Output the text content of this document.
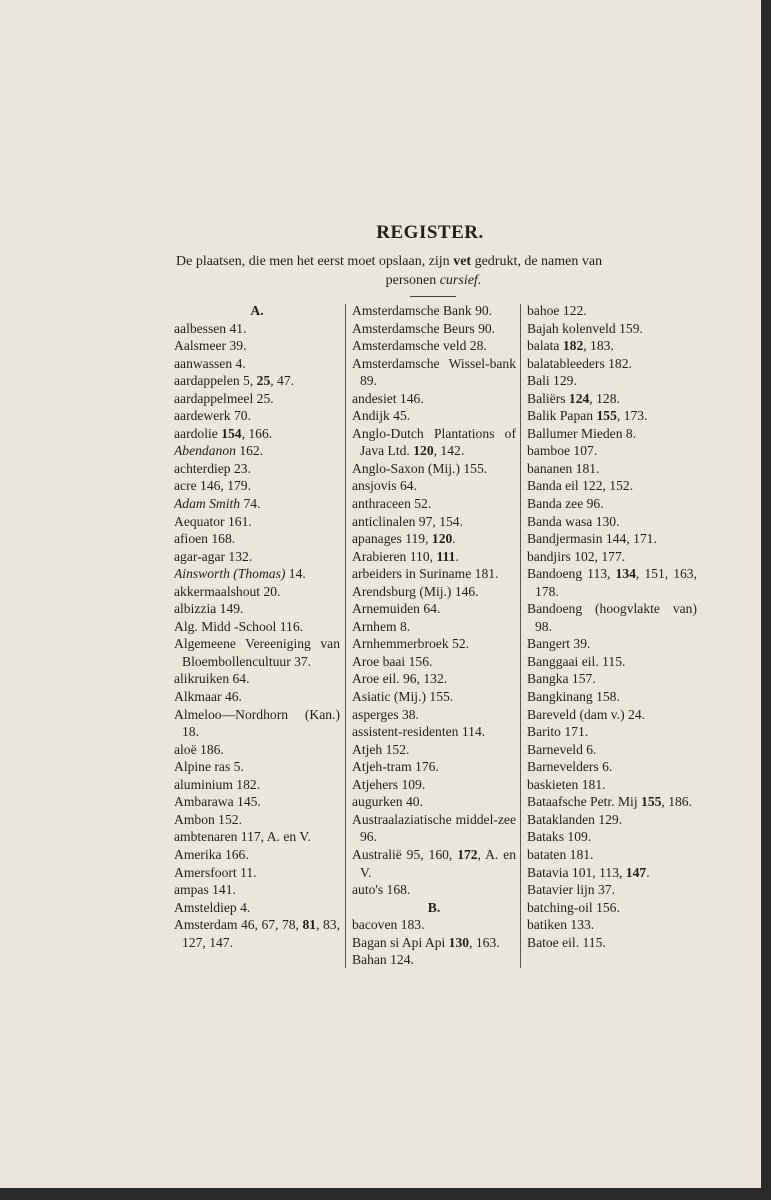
REGISTER.
De plaatsen, die men het eerst moet opslaan, zijn vet gedrukt, de namen van
personen cursief.
A.
aalbessen 41.
Aalsmeer 39.
aanwassen 4.
aardappelen 5, 25, 47.
aardappelmeel 25.
aardewerk 70.
aardolie 154, 166.
Abendanon 162.
achterdiep 23.
acre 146, 179.
Adam Smith 74.
Aequator 161.
afioen 168.
agar-agar 132.
Ainsworth (Thomas) 14.
akkermaalshout 20.
albizzia 149.
Alg. Midd -School 116.
Algemeene Vereeniging van Bloembollencultuur 37.
alikruiken 64.
Alkmaar 46.
Almeloo—Nordhorn (Kan.) 18.
aloë 186.
Alpine ras 5.
aluminium 182.
Ambarawa 145.
Ambon 152.
ambtenaren 117, A. en V.
Amerika 166.
Amersfoort 11.
ampas 141.
Amsteldiep 4.
Amsterdam 46, 67, 78, 81, 83, 127, 147.
Amsterdamsche Bank 90.
Amsterdamsche Beurs 90.
Amsterdamsche veld 28.
Amsterdamsche Wissel-bank 89.
andesiet 146.
Andijk 45.
Anglo-Dutch Plantations of Java Ltd. 120, 142.
Anglo-Saxon (Mij.) 155.
ansjovis 64.
anthraceen 52.
anticlinalen 97, 154.
apanages 119, 120.
Arabieren 110, 111.
arbeiders in Suriname 181.
Arendsburg (Mij.) 146.
Arnemuiden 64.
Arnhem 8.
Arnhemmerbroek 52.
Aroe baai 156.
Aroe eil. 96, 132.
Asiatic (Mij.) 155.
asperges 38.
assistent-residenten 114.
Atjeh 152.
Atjeh-tram 176.
Atjehers 109.
augurken 40.
Austraalaziatische middel-zee 96.
Australië 95, 160, 172, A. en V.
auto's 168.
B.
bacoven 183.
Bagan si Api Api 130, 163.
Bahan 124.
bahoe 122.
Bajah kolenveld 159.
balata 182, 183.
balatableeders 182.
Bali 129.
Baliërs 124, 128.
Balik Papan 155, 173.
Ballumer Mieden 8.
bamboe 107.
bananen 181.
Banda eil 122, 152.
Banda zee 96.
Banda wasa 130.
Bandjermasin 144, 171.
bandjirs 102, 177.
Bandoeng 113, 134, 151, 163, 178.
Bandoeng (hoogvlakte van) 98.
Bangert 39.
Banggaai eil. 115.
Bangka 157.
Bangkinang 158.
Bareveld (dam v.) 24.
Barito 171.
Barneveld 6.
Barnevelders 6.
baskieten 181.
Bataafsche Petr. Mij 155, 186.
Bataklanden 129.
Bataks 109.
bataten 181.
Batavia 101, 113, 147.
Batavier lijn 37.
batching-oil 156.
batiken 133.
Batoe eil. 115.
